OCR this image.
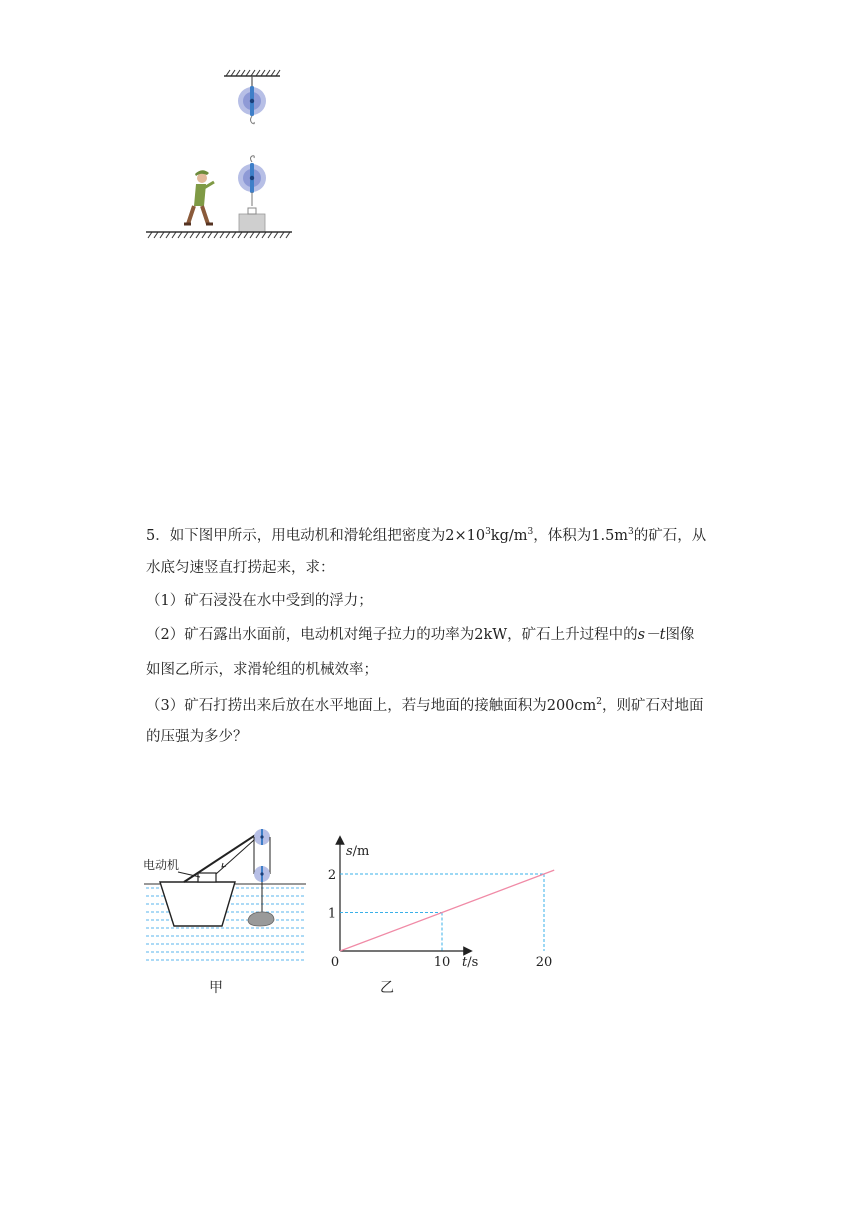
5．如下图甲所示，用电动机和滑轮组把密度为$2\times 10^3kg/m^3$，体积为$1.5m^3$的矿石，从
水底匀速竖直打捞起来，求：
（1）矿石浸没在水中受到的浮力；
（2）矿石露出水面前，电动机对绳子拉力的功率为2kW，矿石上升过程中的s－t图像
如图乙所示，求滑轮组的机械效率；
（3）矿石打捞出来后放在水平地面上，若与地面的接触面积为$200cm^2$，则矿石对地面
的压强为多少？
电动机
甲
10	20
1
2
0
s/m
t/s
乙
